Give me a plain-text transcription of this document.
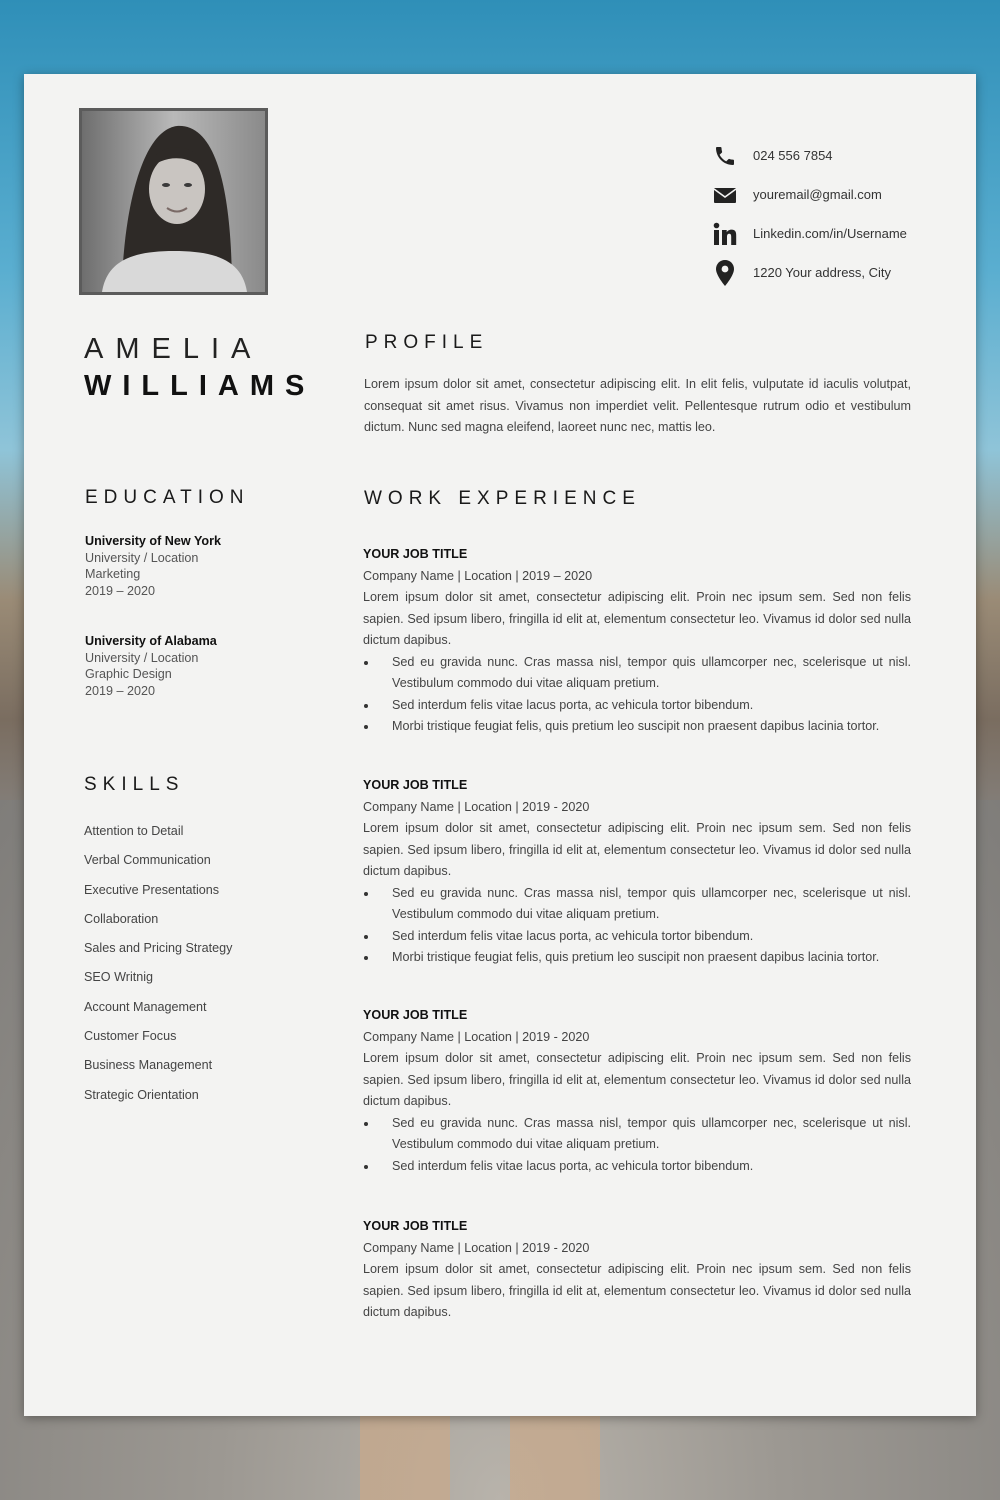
024 556 7854
youremail@gmail.com
Linkedin.com/in/Username
1220 Your address, City
AMELIA
WILLIAMS
PROFILE
Lorem ipsum dolor sit amet, consectetur adipiscing elit. In elit felis, vulputate id iaculis volutpat, consequat sit amet risus. Vivamus non imperdiet velit. Pellentesque rutrum odio et vestibulum dictum. Nunc sed magna eleifend, laoreet nunc nec, mattis leo.
EDUCATION
University of New York
University / Location
Marketing
2019 – 2020
University of Alabama
University / Location
Graphic Design
2019 – 2020
SKILLS
Attention to Detail
Verbal Communication
Executive Presentations
Collaboration
Sales and Pricing Strategy
SEO Writnig
Account Management
Customer Focus
Business Management
Strategic Orientation
WORK EXPERIENCE
YOUR JOB TITLE
Company Name | Location | 2019 – 2020
Lorem ipsum dolor sit amet, consectetur adipiscing elit. Proin nec ipsum sem. Sed non felis sapien. Sed ipsum libero, fringilla id elit at, elementum consectetur leo. Vivamus id dolor sed nulla dictum dapibus.
Sed eu gravida nunc. Cras massa nisl, tempor quis ullamcorper nec, scelerisque ut nisl. Vestibulum commodo dui vitae aliquam pretium.
Sed interdum felis vitae lacus porta, ac vehicula tortor bibendum.
Morbi tristique feugiat felis, quis pretium leo suscipit non praesent dapibus lacinia tortor.
YOUR JOB TITLE
Company Name | Location | 2019 - 2020
Lorem ipsum dolor sit amet, consectetur adipiscing elit. Proin nec ipsum sem. Sed non felis sapien. Sed ipsum libero, fringilla id elit at, elementum consectetur leo. Vivamus id dolor sed nulla dictum dapibus.
Sed eu gravida nunc. Cras massa nisl, tempor quis ullamcorper nec, scelerisque ut nisl. Vestibulum commodo dui vitae aliquam pretium.
Sed interdum felis vitae lacus porta, ac vehicula tortor bibendum.
Morbi tristique feugiat felis, quis pretium leo suscipit non praesent dapibus lacinia tortor.
YOUR JOB TITLE
Company Name | Location | 2019 - 2020
Lorem ipsum dolor sit amet, consectetur adipiscing elit. Proin nec ipsum sem. Sed non felis sapien. Sed ipsum libero, fringilla id elit at, elementum consectetur leo. Vivamus id dolor sed nulla dictum dapibus.
Sed eu gravida nunc. Cras massa nisl, tempor quis ullamcorper nec, scelerisque ut nisl. Vestibulum commodo dui vitae aliquam pretium.
Sed interdum felis vitae lacus porta, ac vehicula tortor bibendum.
YOUR JOB TITLE
Company Name | Location | 2019 - 2020
Lorem ipsum dolor sit amet, consectetur adipiscing elit. Proin nec ipsum sem. Sed non felis sapien. Sed ipsum libero, fringilla id elit at, elementum consectetur leo. Vivamus id dolor sed nulla dictum dapibus.
